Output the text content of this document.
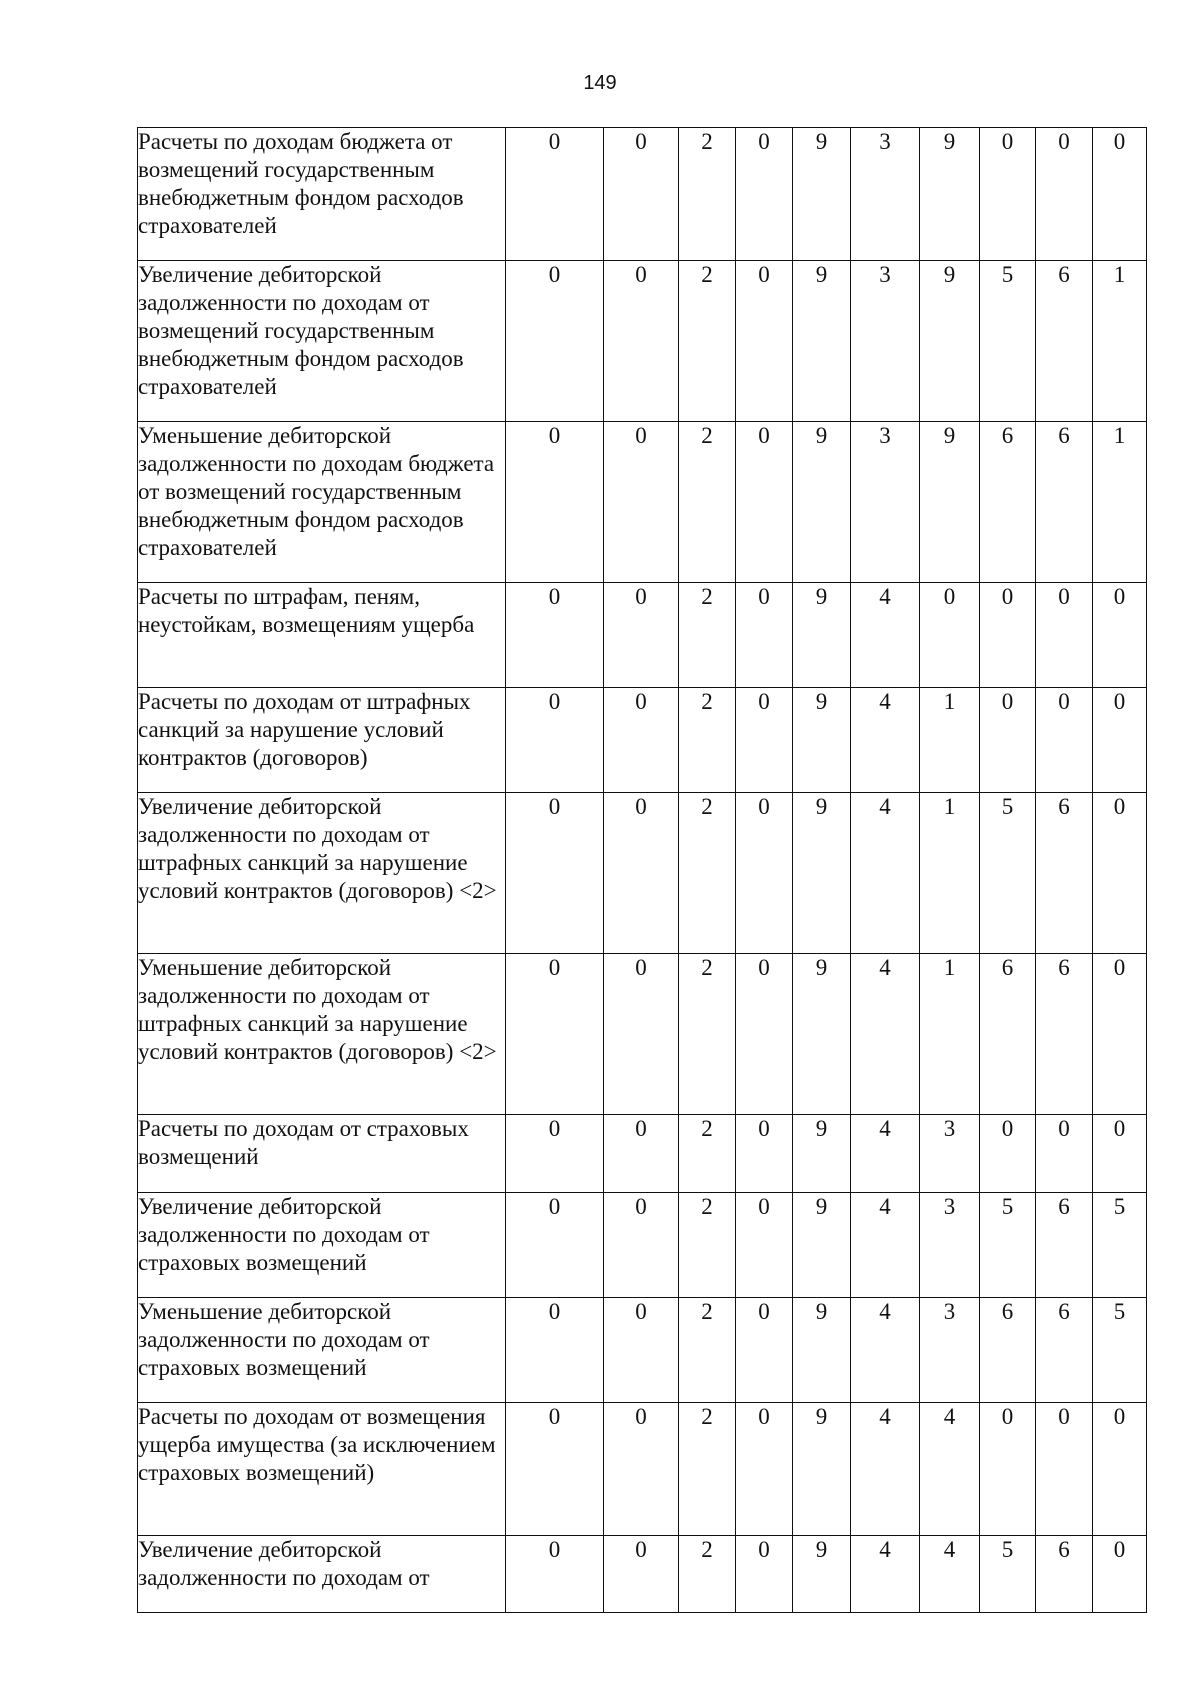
149
Расчеты по доходам бюджета от возмещений государственным внебюджетным фондом расходов страхователей	0	0	2	0	9	3	9	0	0	0
Увеличение дебиторской задолженности по доходам от возмещений государственным внебюджетным фондом расходов страхователей	0	0	2	0	9	3	9	5	6	1
Уменьшение дебиторской задолженности по доходам бюджета от возмещений государственным внебюджетным фондом расходов страхователей	0	0	2	0	9	3	9	6	6	1
Расчеты по штрафам, пеням, неустойкам, возмещениям ущерба	0	0	2	0	9	4	0	0	0	0
Расчеты по доходам от штрафных санкций за нарушение условий контрактов (договоров)	0	0	2	0	9	4	1	0	0	0
Увеличение дебиторской задолженности по доходам от штрафных санкций за нарушение условий контрактов (договоров) <2>	0	0	2	0	9	4	1	5	6	0
Уменьшение дебиторской задолженности по доходам от штрафных санкций за нарушение условий контрактов (договоров) <2>	0	0	2	0	9	4	1	6	6	0
Расчеты по доходам от страховых возмещений	0	0	2	0	9	4	3	0	0	0
Увеличение дебиторской задолженности по доходам от страховых возмещений	0	0	2	0	9	4	3	5	6	5
Уменьшение дебиторской задолженности по доходам от страховых возмещений	0	0	2	0	9	4	3	6	6	5
Расчеты по доходам от возмещения ущерба имущества (за исключением страховых возмещений)	0	0	2	0	9	4	4	0	0	0
Увеличение дебиторской задолженности по доходам от	0	0	2	0	9	4	4	5	6	0
